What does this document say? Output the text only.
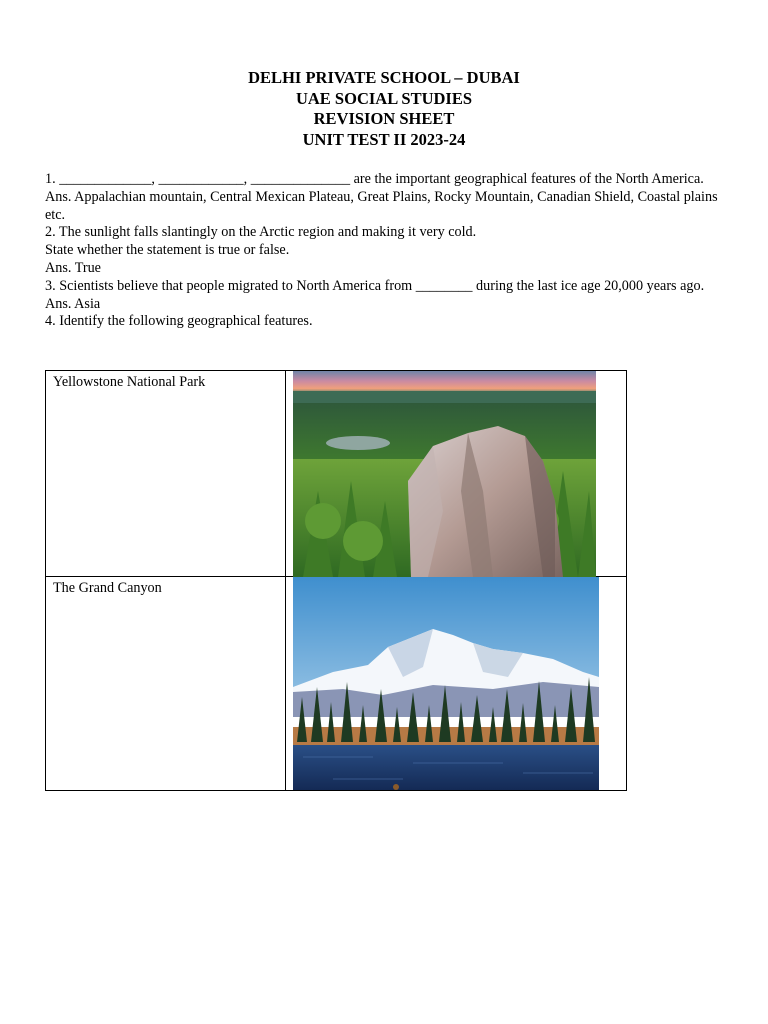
DELHI PRIVATE SCHOOL – DUBAI
UAE SOCIAL STUDIES
REVISION SHEET
UNIT TEST II 2023-24

1. _____________, ____________, ______________ are the important geographical features of the North America.

Ans. Appalachian mountain, Central Mexican Plateau, Great Plains, Rocky Mountain, Canadian Shield, Coastal plains etc.

2. The sunlight falls slantingly on the Arctic region and making it very cold.

State whether the statement is true or false.

Ans. True

3. Scientists believe that people migrated to North America from ________ during the last ice age 20,000 years ago.

Ans. Asia

4. Identify the following geographical features.

Yellowstone National Park
The Grand Canyon
